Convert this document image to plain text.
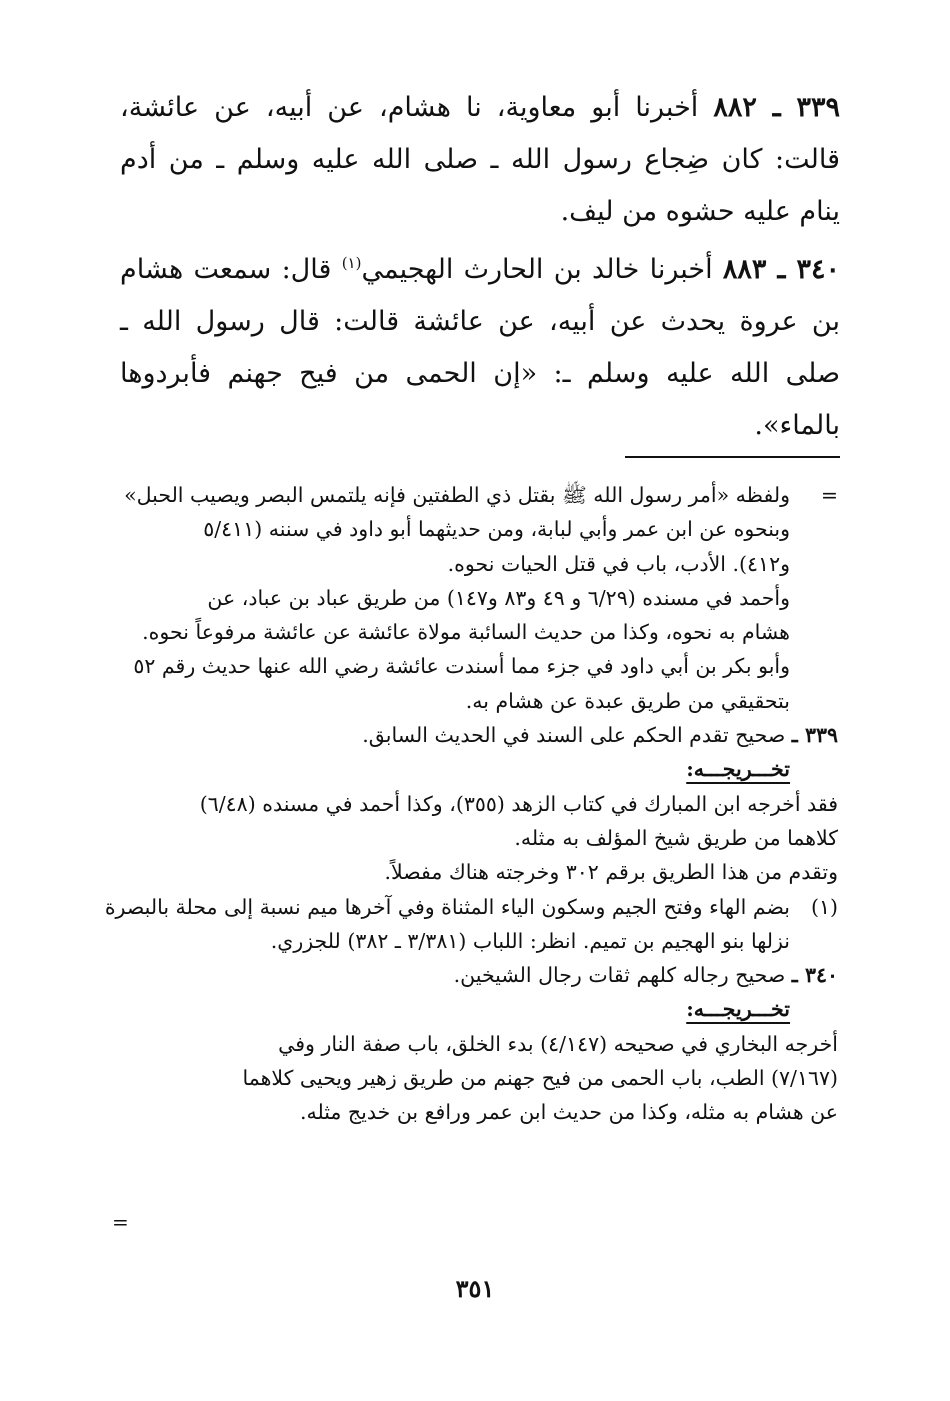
٣٣٩ ـ ٨٨٢ أخبرنا أبو معاوية، نا هشام، عن أبيه، عن عائشة، قالت: كان ضِجاع رسول الله ـ صلى الله عليه وسلم ـ من أدم ينام عليه حشوه من ليف.

٣٤٠ ـ ٨٨٣ أخبرنا خالد بن الحارث الهجيمي$^{(١)}$ قال: سمعت هشام بن عروة يحدث عن أبيه، عن عائشة قالت: قال رسول الله ـ صلى الله عليه وسلم ـ: «إن الحمى من فيح جهنم فأبردوها بالماء».

=
ولفظه «أمر رسول الله ﷺ بقتل ذي الطفتين فإنه يلتمس البصر ويصيب الحبل»
وبنحوه عن ابن عمر وأبي لبابة، ومن حديثهما أبو داود في سننه (٥/٤١١
و٤١٢). الأدب، باب في قتل الحيات نحوه.
وأحمد في مسنده (٦/٢٩ و ٤٩ و٨٣ و١٤٧) من طريق عباد بن عباد، عن
هشام به نحوه، وكذا من حديث السائبة مولاة عائشة عن عائشة مرفوعاً نحوه.
وأبو بكر بن أبي داود في جزء مما أسندت عائشة رضي الله عنها حديث رقم ٥٢
بتحقيقي من طريق عبدة عن هشام به.
٣٣٩ ـ صحيح تقدم الحكم على السند في الحديث السابق.
تخـــريجـــه:
فقد أخرجه ابن المبارك في كتاب الزهد (٣٥٥)، وكذا أحمد في مسنده (٦/٤٨)
كلاهما من طريق شيخ المؤلف به مثله.
وتقدم من هذا الطريق برقم ٣٠٢ وخرجته هناك مفصلاً.
(١)
بضم الهاء وفتح الجيم وسكون الياء المثناة وفي آخرها ميم نسبة إلى محلة بالبصرة
نزلها بنو الهجيم بن تميم. انظر: اللباب (٣/٣٨١ ـ ٣٨٢) للجزري.
٣٤٠ ـ صحيح رجاله كلهم ثقات رجال الشيخين.
تخـــريجـــه:
أخرجه البخاري في صحيحه (٤/١٤٧) بدء الخلق، باب صفة النار وفي
(٧/١٦٧) الطب، باب الحمى من فيح جهنم من طريق زهير ويحيى كلاهما
عن هشام به مثله، وكذا من حديث ابن عمر ورافع بن خديج مثله.
=
٣٥١
